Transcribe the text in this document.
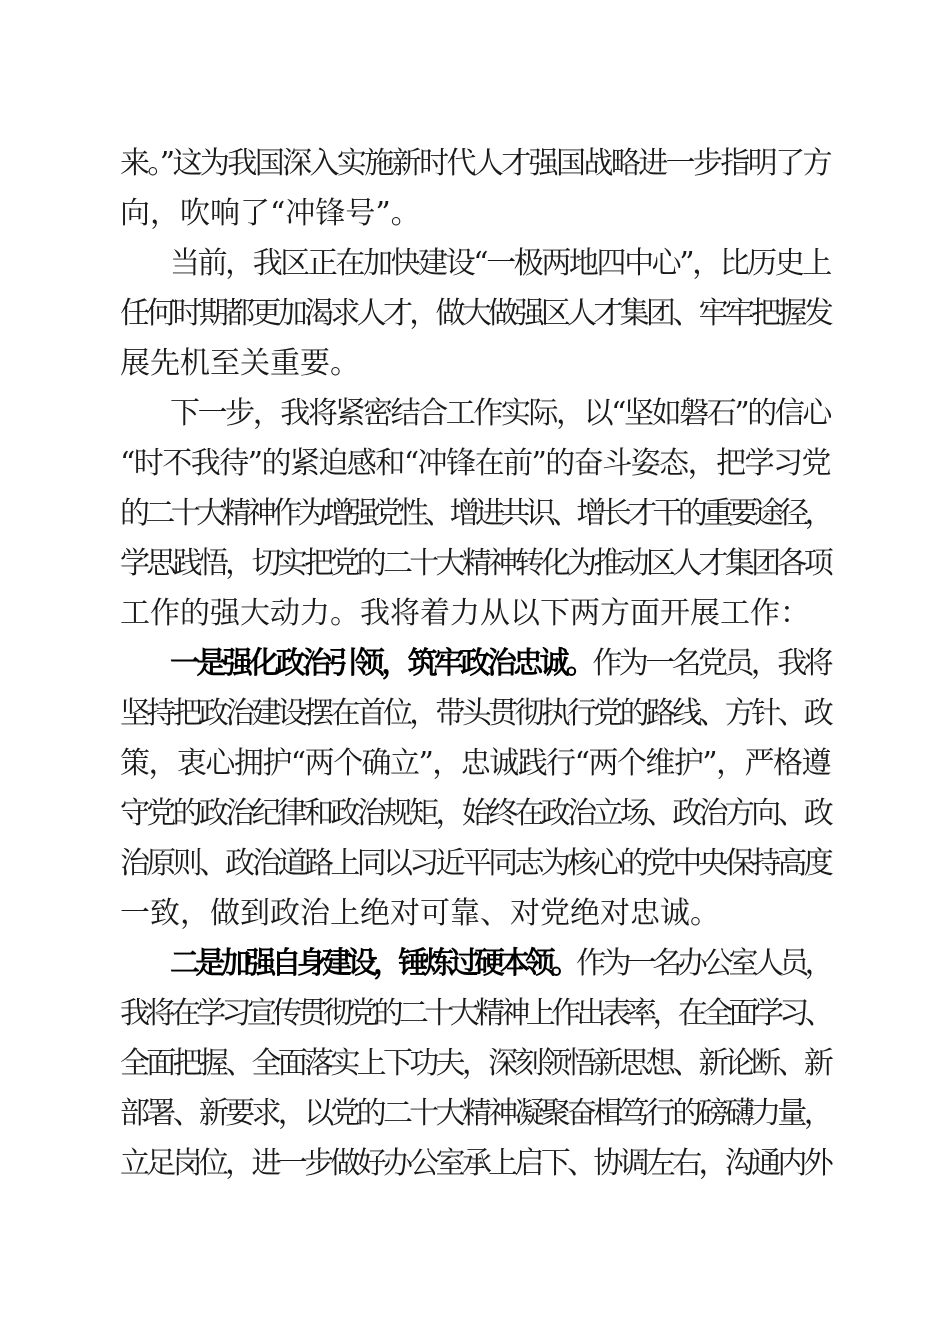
来。”这为我国深入实施新时代人才强国战略进一步指明了方
向，吹响了“冲锋号”。
当前，我区正在加快建设“一极两地四中心”，比历史上
任何时期都更加渴求人才，做大做强区人才集团、牢牢把握发
展先机至关重要。
下一步，我将紧密结合工作实际，以“坚如磐石”的信心
“时不我待”的紧迫感和“冲锋在前”的奋斗姿态，把学习党
的二十大精神作为增强党性、增进共识、增长才干的重要途径，
学思践悟，切实把党的二十大精神转化为推动区人才集团各项
工作的强大动力。我将着力从以下两方面开展工作：
一是强化政治引领，筑牢政治忠诚。作为一名党员，我将
坚持把政治建设摆在首位，带头贯彻执行党的路线、方针、政
策，衷心拥护“两个确立”，忠诚践行“两个维护”，严格遵
守党的政治纪律和政治规矩，始终在政治立场、政治方向、政
治原则、政治道路上同以习近平同志为核心的党中央保持高度
一致，做到政治上绝对可靠、对党绝对忠诚。
二是加强自身建设，锤炼过硬本领。作为一名办公室人员，
我将在学习宣传贯彻党的二十大精神上作出表率，在全面学习、
全面把握、全面落实上下功夫，深刻领悟新思想、新论断、新
部署、新要求，以党的二十大精神凝聚奋楫笃行的磅礴力量，
立足岗位，进一步做好办公室承上启下、协调左右，沟通内外
